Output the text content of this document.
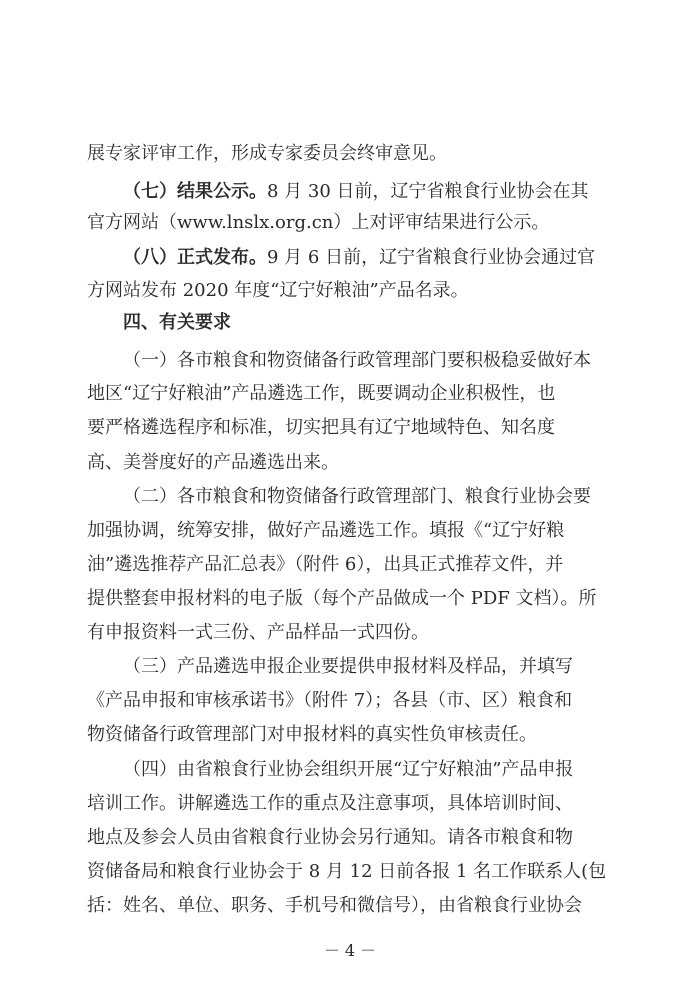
展专家评审工作，形成专家委员会终审意见。
（七）结果公示。8 月 30 日前，辽宁省粮食行业协会在其
官方网站（www.lnslx.org.cn）上对评审结果进行公示。
（八）正式发布。9 月 6 日前，辽宁省粮食行业协会通过官
方网站发布 2020 年度“辽宁好粮油”产品名录。
四、有关要求
（一）各市粮食和物资储备行政管理部门要积极稳妥做好本
地区“辽宁好粮油”产品遴选工作，既要调动企业积极性，也
要严格遴选程序和标准，切实把具有辽宁地域特色、知名度
高、美誉度好的产品遴选出来。
（二）各市粮食和物资储备行政管理部门、粮食行业协会要
加强协调，统筹安排，做好产品遴选工作。填报《“辽宁好粮
油”遴选推荐产品汇总表》（附件 6），出具正式推荐文件，并
提供整套申报材料的电子版（每个产品做成一个 PDF 文档）。所
有申报资料一式三份、产品样品一式四份。
（三）产品遴选申报企业要提供申报材料及样品，并填写
《产品申报和审核承诺书》（附件 7）；各县（市、区）粮食和
物资储备行政管理部门对申报材料的真实性负审核责任。
（四）由省粮食行业协会组织开展“辽宁好粮油”产品申报
培训工作。讲解遴选工作的重点及注意事项，具体培训时间、
地点及参会人员由省粮食行业协会另行通知。请各市粮食和物
资储备局和粮食行业协会于 8 月 12 日前各报 1 名工作联系人(包
括：姓名、单位、职务、手机号和微信号），由省粮食行业协会
－ 4 －
